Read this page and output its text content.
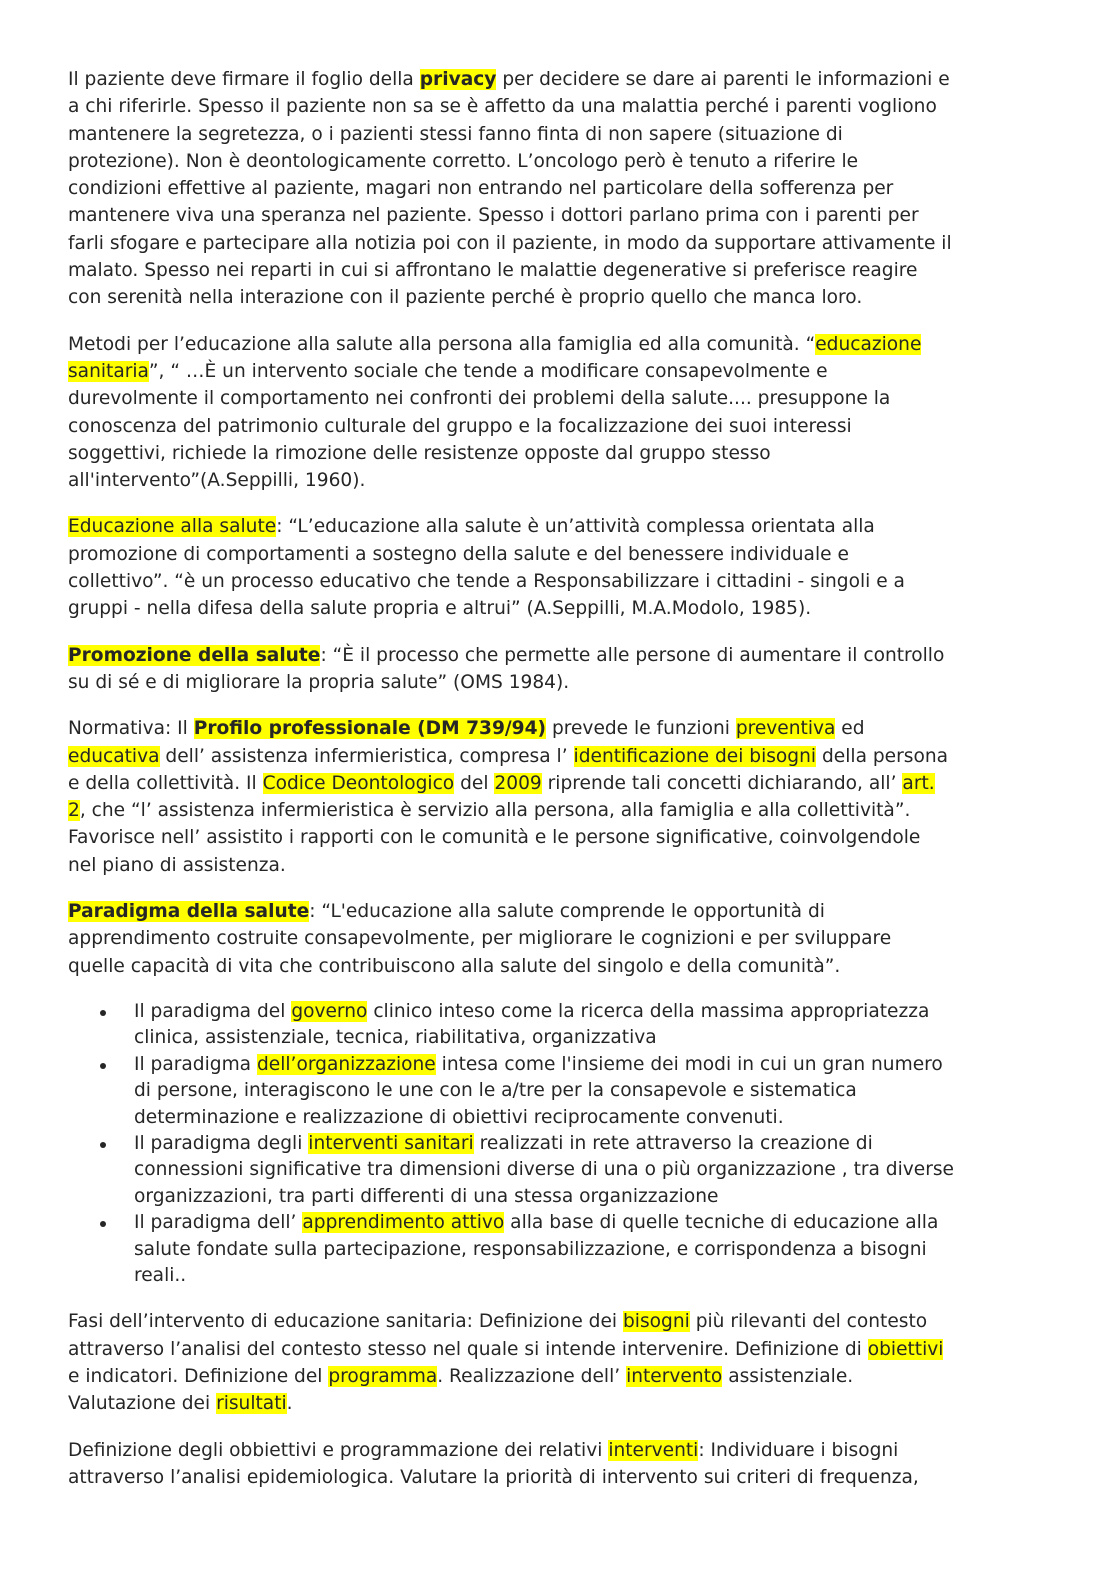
Il paziente deve firmare il foglio della privacy per decidere se dare ai parenti le informazioni e
a chi riferirle. Spesso il paziente non sa se è affetto da una malattia perché i parenti vogliono
mantenere la segretezza, o i pazienti stessi fanno finta di non sapere (situazione di
protezione). Non è deontologicamente corretto. L’oncologo però è tenuto a riferire le
condizioni effettive al paziente, magari non entrando nel particolare della sofferenza per
mantenere viva una speranza nel paziente. Spesso i dottori parlano prima con i parenti per
farli sfogare e partecipare alla notizia poi con il paziente, in modo da supportare attivamente il
malato. Spesso nei reparti in cui si affrontano le malattie degenerative si preferisce reagire
con serenità nella interazione con il paziente perché è proprio quello che manca loro.

Metodi per l’educazione alla salute alla persona alla famiglia ed alla comunità. “educazione
sanitaria”, “ …È un intervento sociale che tende a modificare consapevolmente e
durevolmente il comportamento nei confronti dei problemi della salute.... presuppone la
conoscenza del patrimonio culturale del gruppo e la focalizzazione dei suoi interessi
soggettivi, richiede la rimozione delle resistenze opposte dal gruppo stesso
all'intervento”(A.Seppilli, 1960).

Educazione alla salute: “L’educazione alla salute è un’attività complessa orientata alla
promozione di comportamenti a sostegno della salute e del benessere individuale e
collettivo”. “è un processo educativo che tende a Responsabilizzare i cittadini - singoli e a
gruppi - nella difesa della salute propria e altrui” (A.Seppilli, M.A.Modolo, 1985).

Promozione della salute: “È il processo che permette alle persone di aumentare il controllo
su di sé e di migliorare la propria salute” (OMS 1984).

Normativa: Il Profilo professionale (DM 739/94) prevede le funzioni preventiva ed
educativa dell’ assistenza infermieristica, compresa l’ identificazione dei bisogni della persona
e della collettività. Il Codice Deontologico del 2009 riprende tali concetti dichiarando, all’ art.
2, che “l’ assistenza infermieristica è servizio alla persona, alla famiglia e alla collettività”.
Favorisce nell’ assistito i rapporti con le comunità e le persone significative, coinvolgendole
nel piano di assistenza.

Paradigma della salute: “L'educazione alla salute comprende le opportunità di
apprendimento costruite consapevolmente, per migliorare le cognizioni e per sviluppare
quelle capacità di vita che contribuiscono alla salute del singolo e della comunità”.

Il paradigma del governo clinico inteso come la ricerca della massima appropriatezza
clinica, assistenziale, tecnica, riabilitativa, organizzativa
Il paradigma dell’organizzazione intesa come l'insieme dei modi in cui un gran numero
di persone, interagiscono le une con le a/tre per la consapevole e sistematica
determinazione e realizzazione di obiettivi reciprocamente convenuti.
Il paradigma degli interventi sanitari realizzati in rete attraverso la creazione di
connessioni significative tra dimensioni diverse di una o più organizzazione , tra diverse
organizzazioni, tra parti differenti di una stessa organizzazione
Il paradigma dell’ apprendimento attivo alla base di quelle tecniche di educazione alla
salute fondate sulla partecipazione, responsabilizzazione, e corrispondenza a bisogni
reali..

Fasi dell’intervento di educazione sanitaria: Definizione dei bisogni più rilevanti del contesto
attraverso l’analisi del contesto stesso nel quale si intende intervenire. Definizione di obiettivi
e indicatori. Definizione del programma. Realizzazione dell’ intervento assistenziale.
Valutazione dei risultati.

Definizione degli obbiettivi e programmazione dei relativi interventi: Individuare i bisogni
attraverso l’analisi epidemiologica. Valutare la priorità di intervento sui criteri di frequenza,
